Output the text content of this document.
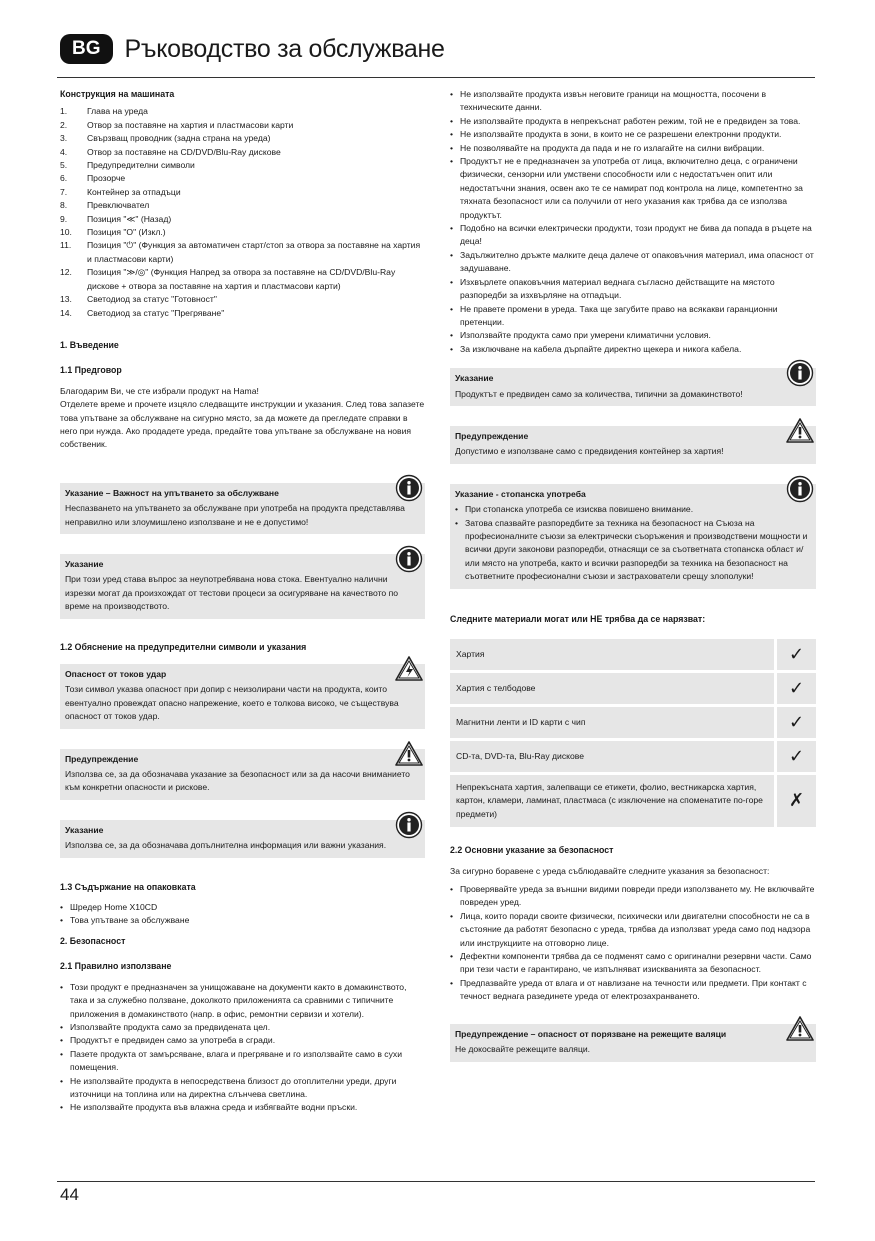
BG Ръководство за обслужване
Конструкция на машината
1.	Глава на уреда
2.	Отвор за поставяне на хартия и пластмасови карти
3.	Свързващ проводник (задна страна на уреда)
4.	Отвор за поставяне на CD/DVD/Blu-Ray дискове
5.	Предупредителни символи
6.	Прозорче
7.	Контейнер за отпадъци
8.	Превключвател
9.	Позиция "≪" (Назад)
10.	Позиция "O" (Изкл.)
11.	Позиция "⏻" (Функция за автоматичен старт/стоп за отвора за поставяне на хартия и пластмасови карти)
12.	Позиция "≫/◎" (Функция Напред за отвора за поставяне на CD/DVD/Blu-Ray дискове + отвора за поставяне на хартия и пластмасови карти)
13.	Светодиод за статус "Готовност"
14.	Светодиод за статус "Прегряване"
1. Въведение
1.1 Предговор

Благодарим Ви, че сте избрали продукт на Hama!

Отделете време и прочете изцяло следващите инструкции и указания. След това запазете това упътване за обслужване на сигурно място, за да можете да прегледате справки в него при нужда. Ако продадете уреда, предайте това упътване за обслужване на новия собственик.

Указание – Важност на упътването за обслужване
Неспазването на упътването за обслужване при употреба на продукта представлява неправилно или злоумишлено използване и не е допустимо!
Указание
При този уред става въпрос за неупотребявана нова стока. Евентуално налични изрезки могат да произхождат от тестови процеси за осигуряване на качеството по време на производството.
1.2 Обяснение на предупредителни символи и указания
Опасност от токов удар
Този символ указва опасност при допир с неизолирани части на продукта, които евентуално провеждат опасно напрежение, което е толкова високо, че съществува опасност от токов удар.
Предупреждение
Използва се, за да обозначава указание за безопасност или за да насочи вниманието към конкретни опасности и рискове.
Указание
Използва се, за да обозначава допълнителна информация или важни указания.
1.3 Съдържание на опаковката
• Шредер Home X10CD
• Това упътване за обслужване
2. Безопасност
2.1 Правилно използване
• Този продукт е предназначен за унищожаване на документи както в домакинството, така и за служебно ползване, доколкото приложенията са сравними с типичните приложения в домакинството (напр. в офис, ремонтни сервизи и хотели).
• Използвайте продукта само за предвидената цел.
• Продуктът е предвиден само за употреба в сгради.
• Пазете продукта от замърсяване, влага и прегряване и го използвайте само в сухи помещения.
• Не използвайте продукта в непосредствена близост до отоплителни уреди, други източници на топлина или на директна слънчева светлина.
• Не използвайте продукта във влажна среда и избягвайте водни пръски.
• Не използвайте продукта извън неговите граници на мощността, посочени в техническите данни.
• Не използвайте продукта в непрекъснат работен режим, той не е предвиден за това.
• Не използвайте продукта в зони, в които не се разрешени електронни продукти.
• Не позволявайте на продукта да пада и не го излагайте на силни вибрации.
• Продуктът не е предназначен за употреба от лица, включително деца, с ограничени физически, сензорни или умствени способности или с недостатъчен опит или недостатъчни знания, освен ако те се намират под контрола на лице, компетентно за тяхната безопасност или са получили от него указания как трябва да се използва продуктът.
• Подобно на всички електрически продукти, този продукт не бива да попада в ръцете на деца!
• Задължително дръжте малките деца далече от опаковъчния материал, има опасност от задушаване.
• Изхвърлете опаковъчния материал веднага съгласно действащите на мястото разпоредби за изхвърляне на отпадъци.
• Не правете промени в уреда. Така ще загубите право на всякакви гаранционни претенции.
• Използвайте продукта само при умерени климатични условия.
• За изключване на кабела дърпайте директно щекера и никога кабела.
Указание
Продуктът е предвиден само за количества, типични за домакинството!
Предупреждение
Допустимо е използване само с предвидения контейнер за хартия!
Указание - стопанска употреба
• При стопанска употреба се изисква повишено внимание.
• Затова спазвайте разпоредбите за техника на безопасност на Съюза на професионалните съюзи за електрически съоръжения и производствени мощности и всички други законови разпоредби, отнасящи се за съответната стопанска област и/или място на употреба, както и всички разпоредби за техника на безопасност на съответните професионални съюзи и застрахователи срещу злополуки!
Следните материали могат или НЕ трябва да се нарязват:
Хартия	✓
Хартия с телбодове	✓
Магнитни ленти и ID карти с чип	✓
CD-та, DVD-та, Blu-Ray дискове	✓
Непрекъсната хартия, залепващи се етикети, фолио, вестникарска хартия, картон, кламери, ламинат, пластмаса (с изключение на споменатите по-горе предмети)	✗
2.2 Основни указание за безопасност

За сигурно боравене с уреда съблюдавайте следните указания за безопасност:

• Проверявайте уреда за външни видими повреди преди използването му. Не включвайте повреден уред.
• Лица, които поради своите физически, психически или двигателни способности не са в състояние да работят безопасно с уреда, трябва да използват уреда само под надзора или инструкциите на отговорно лице.
• Дефектни компоненти трябва да се подменят само с оригинални резервни части. Само при тези части е гарантирано, че изпълняват изискванията за безопасност.
• Предпазвайте уреда от влага и от навлизане на течности или предмети. При контакт с течност веднага разединете уреда от електрозахранването.
Предупреждение – опасност от порязване на режещите валяци
Не докосвайте режещите валяци.
44
